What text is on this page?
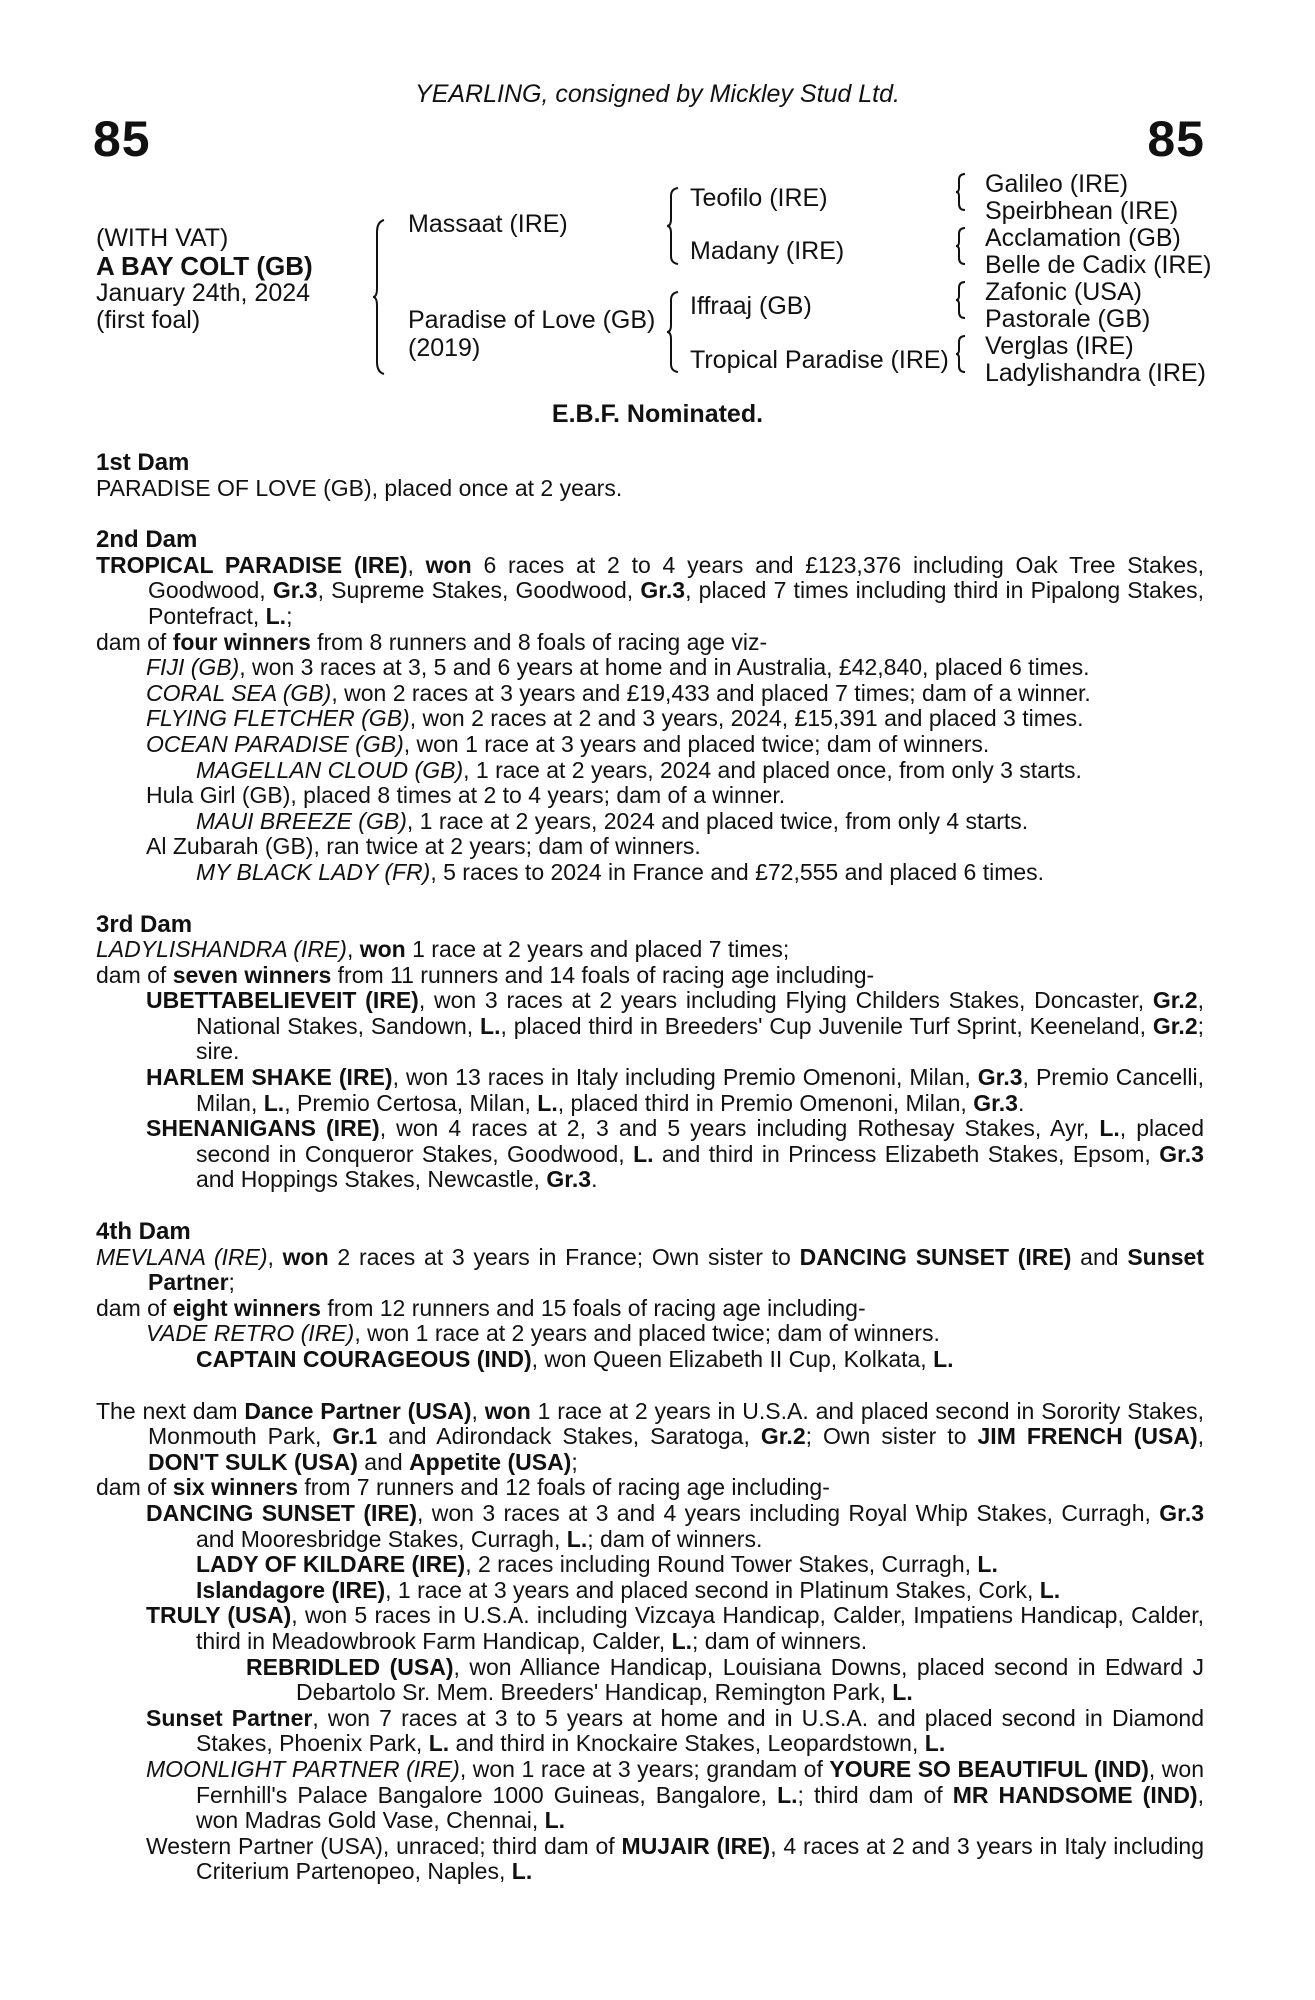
YEARLING, consigned by Mickley Stud Ltd.
85	85
(WITH VAT)
A BAY COLT (GB)
January 24th, 2024
(first foal)
Massaat (IRE)
Paradise of Love (GB)
(2019)
Teofilo (IRE)
Madany (IRE)
Iffraaj (GB)
Tropical Paradise (IRE)
Galileo (IRE)
Speirbhean (IRE)
Acclamation (GB)
Belle de Cadix (IRE)
Zafonic (USA)
Pastorale (GB)
Verglas (IRE)
Ladylishandra (IRE)
E.B.F. Nominated.
1st Dam

PARADISE OF LOVE (GB), placed once at 2 years.

2nd Dam

TROPICAL PARADISE (IRE), won 6 races at 2 to 4 years and £123,376 including Oak Tree Stakes, Goodwood, Gr.3, Supreme Stakes, Goodwood, Gr.3, placed 7 times including third in Pipalong Stakes, Pontefract, L.;

dam of four winners from 8 runners and 8 foals of racing age viz-

FIJI (GB), won 3 races at 3, 5 and 6 years at home and in Australia, £42,840, placed 6 times.

CORAL SEA (GB), won 2 races at 3 years and £19,433 and placed 7 times; dam of a winner.

FLYING FLETCHER (GB), won 2 races at 2 and 3 years, 2024, £15,391 and placed 3 times.

OCEAN PARADISE (GB), won 1 race at 3 years and placed twice; dam of winners.

MAGELLAN CLOUD (GB), 1 race at 2 years, 2024 and placed once, from only 3 starts.

Hula Girl (GB), placed 8 times at 2 to 4 years; dam of a winner.

MAUI BREEZE (GB), 1 race at 2 years, 2024 and placed twice, from only 4 starts.

Al Zubarah (GB), ran twice at 2 years; dam of winners.

MY BLACK LADY (FR), 5 races to 2024 in France and £72,555 and placed 6 times.

3rd Dam

LADYLISHANDRA (IRE), won 1 race at 2 years and placed 7 times;

dam of seven winners from 11 runners and 14 foals of racing age including-

UBETTABELIEVEIT (IRE), won 3 races at 2 years including Flying Childers Stakes, Doncaster, Gr.2, National Stakes, Sandown, L., placed third in Breeders' Cup Juvenile Turf Sprint, Keeneland, Gr.2; sire.

HARLEM SHAKE (IRE), won 13 races in Italy including Premio Omenoni, Milan, Gr.3, Premio Cancelli, Milan, L., Premio Certosa, Milan, L., placed third in Premio Omenoni, Milan, Gr.3.

SHENANIGANS (IRE), won 4 races at 2, 3 and 5 years including Rothesay Stakes, Ayr, L., placed second in Conqueror Stakes, Goodwood, L. and third in Princess Elizabeth Stakes, Epsom, Gr.3 and Hoppings Stakes, Newcastle, Gr.3.

4th Dam

MEVLANA (IRE), won 2 races at 3 years in France; Own sister to DANCING SUNSET (IRE) and Sunset Partner;

dam of eight winners from 12 runners and 15 foals of racing age including-

VADE RETRO (IRE), won 1 race at 2 years and placed twice; dam of winners.

CAPTAIN COURAGEOUS (IND), won Queen Elizabeth II Cup, Kolkata, L.

The next dam Dance Partner (USA), won 1 race at 2 years in U.S.A. and placed second in Sorority Stakes, Monmouth Park, Gr.1 and Adirondack Stakes, Saratoga, Gr.2; Own sister to JIM FRENCH (USA), DON'T SULK (USA) and Appetite (USA);

dam of six winners from 7 runners and 12 foals of racing age including-

DANCING SUNSET (IRE), won 3 races at 3 and 4 years including Royal Whip Stakes, Curragh, Gr.3 and Mooresbridge Stakes, Curragh, L.; dam of winners.

LADY OF KILDARE (IRE), 2 races including Round Tower Stakes, Curragh, L.

Islandagore (IRE), 1 race at 3 years and placed second in Platinum Stakes, Cork, L.

TRULY (USA), won 5 races in U.S.A. including Vizcaya Handicap, Calder, Impatiens Handicap, Calder, third in Meadowbrook Farm Handicap, Calder, L.; dam of winners.

REBRIDLED (USA), won Alliance Handicap, Louisiana Downs, placed second in Edward J Debartolo Sr. Mem. Breeders' Handicap, Remington Park, L.

Sunset Partner, won 7 races at 3 to 5 years at home and in U.S.A. and placed second in Diamond Stakes, Phoenix Park, L. and third in Knockaire Stakes, Leopardstown, L.

MOONLIGHT PARTNER (IRE), won 1 race at 3 years; grandam of YOURE SO BEAUTIFUL (IND), won Fernhill's Palace Bangalore 1000 Guineas, Bangalore, L.; third dam of MR HANDSOME (IND), won Madras Gold Vase, Chennai, L.

Western Partner (USA), unraced; third dam of MUJAIR (IRE), 4 races at 2 and 3 years in Italy including Criterium Partenopeo, Naples, L.
